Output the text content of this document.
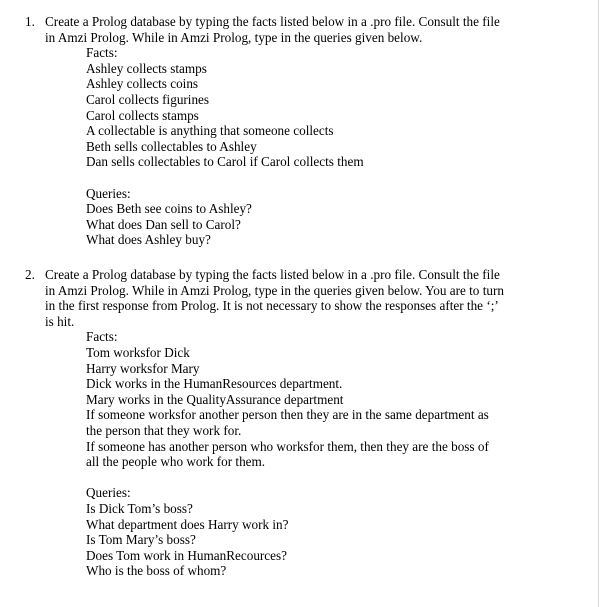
1. Create a Prolog database by typing the facts listed below in a .pro file. Consult the file in Amzi Prolog. While in Amzi Prolog, type in the queries given below.
Facts:
Ashley collects stamps
Ashley collects coins
Carol collects figurines
Carol collects stamps
A collectable is anything that someone collects
Beth sells collectables to Ashley
Dan sells collectables to Carol if Carol collects them
Queries:
Does Beth see coins to Ashley?
What does Dan sell to Carol?
What does Ashley buy?
2. Create a Prolog database by typing the facts listed below in a .pro file. Consult the file in Amzi Prolog. While in Amzi Prolog, type in the queries given below. You are to turn in the first response from Prolog. It is not necessary to show the responses after the ‘;’ is hit.
Facts:
Tom worksfor Dick
Harry worksfor Mary
Dick works in the HumanResources department.
Mary works in the QualityAssurance department
If someone worksfor another person then they are in the same department as the person that they work for.
If someone has another person who worksfor them, then they are the boss of all the people who work for them.
Queries:
Is Dick Tom’s boss?
What department does Harry work in?
Is Tom Mary’s boss?
Does Tom work in HumanRecources?
Who is the boss of whom?
